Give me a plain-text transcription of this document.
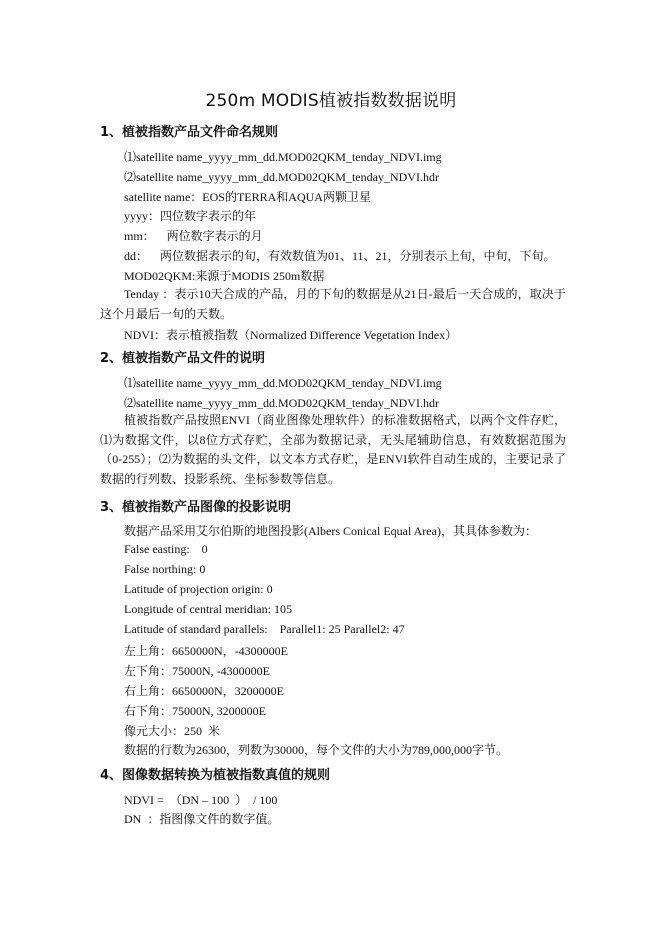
250m MODIS植被指数数据说明
1、植被指数产品文件命名规则
⑴satellite name_yyyy_mm_dd.MOD02QKM_tenday_NDVI.img
⑵satellite name_yyyy_mm_dd.MOD02QKM_tenday_NDVI.hdr
satellite name：EOS的TERRA和AQUA两颗卫星
yyyy：四位数字表示的年
mm：    两位数字表示的月
dd：    两位数据表示的旬，有效数值为01、11、21，分别表示上旬，中旬，下旬。
MOD02QKM:来源于MODIS 250m数据
Tenday ：表示10天合成的产品，月的下旬的数据是从21日-最后一天合成的，取决于这个月最后一旬的天数。
NDVI：表示植被指数（Normalized Difference Vegetation Index）
2、植被指数产品文件的说明
⑴satellite name_yyyy_mm_dd.MOD02QKM_tenday_NDVI.img
⑵satellite name_yyyy_mm_dd.MOD02QKM_tenday_NDVI.hdr
植被指数产品按照ENVI（商业图像处理软件）的标准数据格式，以两个文件存贮，⑴为数据文件，以8位方式存贮，全部为数据记录，无头尾辅助信息，有效数据范围为（0-255）；⑵为数据的头文件，以文本方式存贮，是ENVI软件自动生成的，主要记录了数据的行列数、投影系统、坐标参数等信息。
3、植被指数产品图像的投影说明
数据产品采用艾尔伯斯的地图投影(Albers Conical Equal Area)，其具体参数为：
False easting:    0
False northing: 0
Latitude of projection origin: 0
Longitude of central meridian: 105
Latitude of standard parallels:    Parallel1: 25 Parallel2: 47
左上角：6650000N，-4300000E
左下角：75000N, -4300000E
右上角：6650000N，3200000E
右下角：75000N, 3200000E
像元大小：250  米
数据的行数为26300，列数为30000，每个文件的大小为789,000,000字节。
4、图像数据转换为植被指数真值的规则
NDVI =  （DN – 100  ）  / 100
DN  ：指图像文件的数字值。
